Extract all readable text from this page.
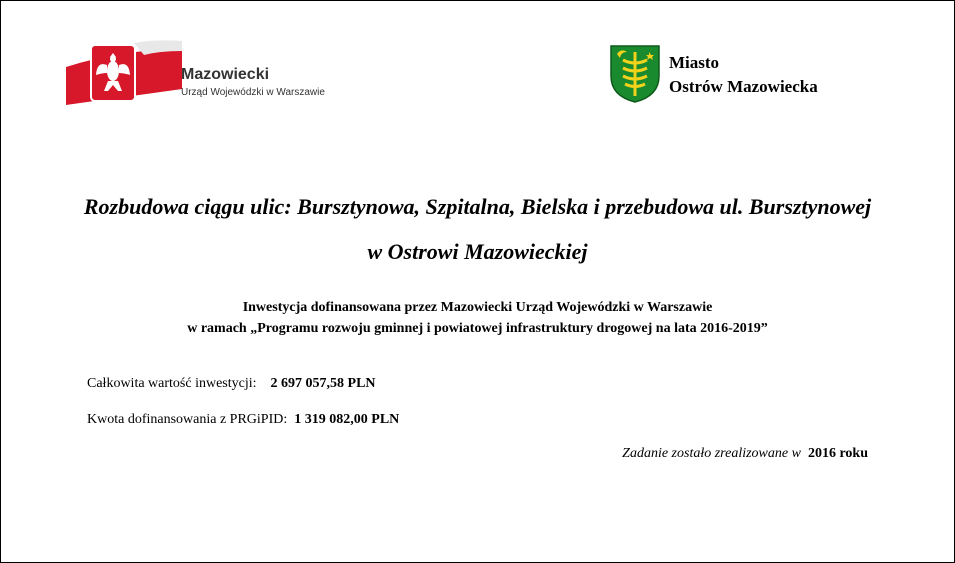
Mazowiecki
Urząd Wojewódzki w Warszawie
Miasto
Ostrów Mazowiecka
Rozbudowa ciągu ulic: Bursztynowa, Szpitalna, Bielska i przebudowa ul. Bursztynowej
w Ostrowi Mazowieckiej
Inwestycja dofinansowana przez Mazowiecki Urząd Wojewódzki w Warszawie
w ramach „Programu rozwoju gminnej i powiatowej infrastruktury drogowej na lata 2016-2019”
Całkowita wartość inwestycji: 2 697 057,58 PLN
Kwota dofinansowania z PRGiPID: 1 319 082,00 PLN
Zadanie zostało zrealizowane w 2016 roku
